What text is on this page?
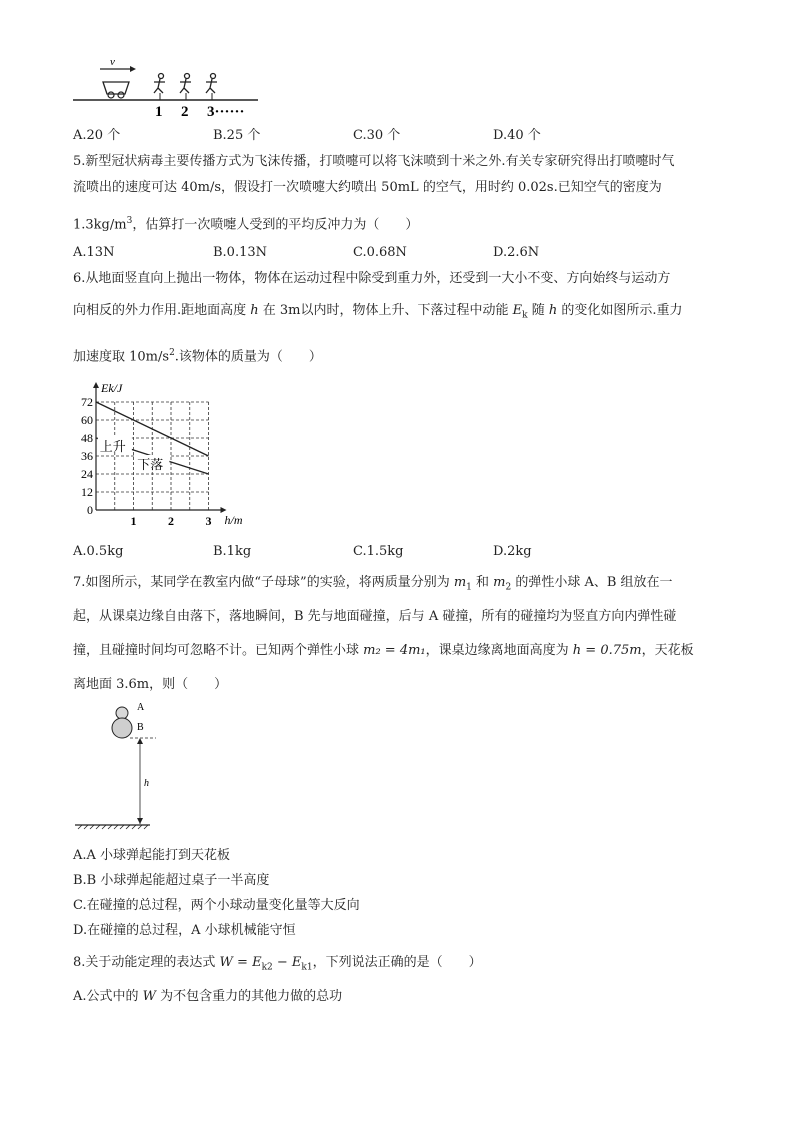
v
1 2 3······
A.20 个	B.25 个	C.30 个	D.40 个
5.新型冠状病毒主要传播方式为飞沫传播，打喷嚏可以将飞沫喷到十米之外.有关专家研究得出打喷嚏时气
流喷出的速度可达 40m/s，假设打一次喷嚏大约喷出 50mL 的空气，用时约 0.02s.已知空气的密度为
$1.3kg/m^3$，估算打一次喷嚏人受到的平均反冲力为（　　）
A.13N	B.0.13N	C.0.68N	D.2.6N
6.从地面竖直向上抛出一物体，物体在运动过程中除受到重力外，还受到一大小不变、方向始终与运动方
向相反的外力作用.距地面高度 h 在 3m以内时，物体上升、下落过程中动能 $E_k$ 随 h 的变化如图所示.重力
加速度取 $10m/s^2$.该物体的质量为（　　）
Ek/J
h/m
72
60
48
36
24
12
0
1	2	3
上升
下落
A.0.5kg	B.1kg	C.1.5kg	D.2kg
7.如图所示，某同学在教室内做“子母球”的实验，将两质量分别为 $m_1$ 和 $m_2$ 的弹性小球 A、B 组放在一
起，从课桌边缘自由落下，落地瞬间，B 先与地面碰撞，后与 A 碰撞，所有的碰撞均为竖直方向内弹性碰
撞，且碰撞时间均可忽略不计。已知两个弹性小球 m₂ = 4m₁，课桌边缘离地面高度为 h = 0.75m，天花板
离地面 3.6m，则（　　）
A
B
h
A.A 小球弹起能打到天花板
B.B 小球弹起能超过桌子一半高度
C.在碰撞的总过程，两个小球动量变化量等大反向
D.在碰撞的总过程，A 小球机械能守恒
8.关于动能定理的表达式 $W = E_{k2} - E_{k1}$，下列说法正确的是（　　）
A.公式中的 W 为不包含重力的其他力做的总功
